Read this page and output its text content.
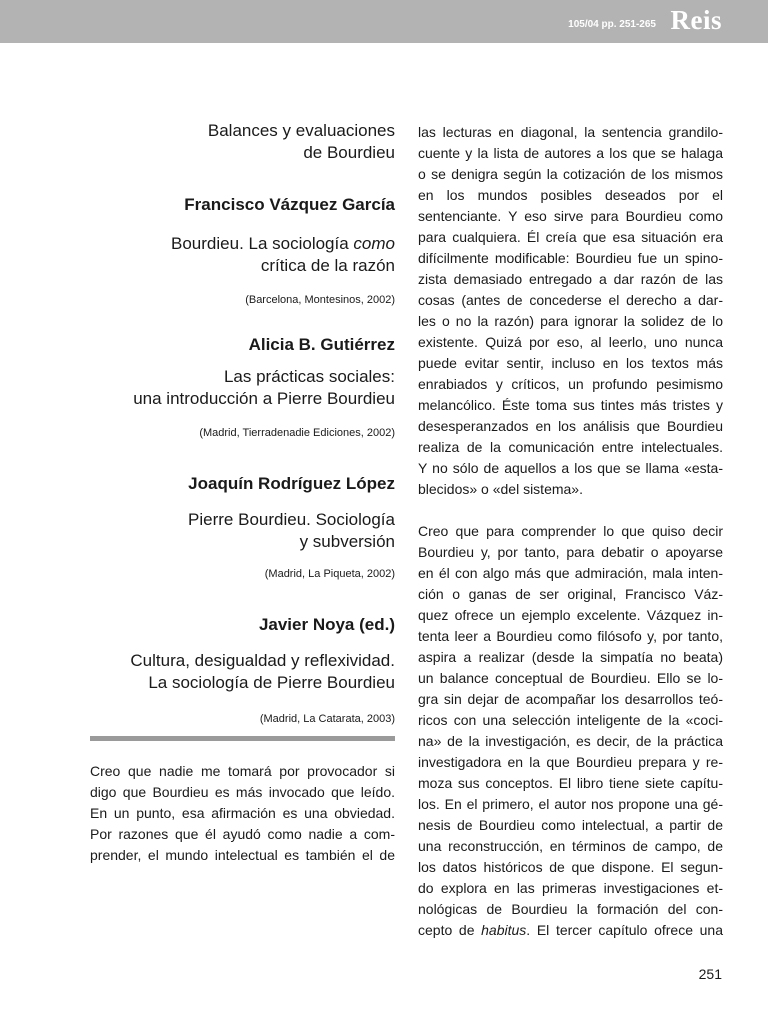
105/04 pp. 251-265 Reis

Balances y evaluaciones

de Bourdieu

Francisco Vázquez García

Bourdieu. La sociología como

crítica de la razón

(Barcelona, Montesinos, 2002)

Alicia B. Gutiérrez

Las prácticas sociales:

una introducción a Pierre Bourdieu

(Madrid, Tierradenadie Ediciones, 2002)

Joaquín Rodríguez López

Pierre Bourdieu. Sociología

y subversión

(Madrid, La Piqueta, 2002)

Javier Noya (ed.)

Cultura, desigualdad y reflexividad.

La sociología de Pierre Bourdieu

(Madrid, La Catarata, 2003)

Creo que nadie me tomará por provocador si
digo que Bourdieu es más invocado que leído.
En un punto, esa afirmación es una obviedad.
Por razones que él ayudó como nadie a com-
prender, el mundo intelectual es también el de
las lecturas en diagonal, la sentencia grandilo-
cuente y la lista de autores a los que se halaga
o se denigra según la cotización de los mismos
en los mundos posibles deseados por el
sentenciante. Y eso sirve para Bourdieu como
para cualquiera. Él creía que esa situación era
difícilmente modificable: Bourdieu fue un spino-
zista demasiado entregado a dar razón de las
cosas (antes de concederse el derecho a dar-
les o no la razón) para ignorar la solidez de lo
existente. Quizá por eso, al leerlo, uno nunca
puede evitar sentir, incluso en los textos más
enrabiados y críticos, un profundo pesimismo
melancólico. Éste toma sus tintes más tristes y
desesperanzados en los análisis que Bourdieu
realiza de la comunicación entre intelectuales.
Y no sólo de aquellos a los que se llama «esta-
blecidos» o «del sistema».
Creo que para comprender lo que quiso decir
Bourdieu y, por tanto, para debatir o apoyarse
en él con algo más que admiración, mala inten-
ción o ganas de ser original, Francisco Váz-
quez ofrece un ejemplo excelente. Vázquez in-
tenta leer a Bourdieu como filósofo y, por tanto,
aspira a realizar (desde la simpatía no beata)
un balance conceptual de Bourdieu. Ello se lo-
gra sin dejar de acompañar los desarrollos teó-
ricos con una selección inteligente de la «coci-
na» de la investigación, es decir, de la práctica
investigadora en la que Bourdieu prepara y re-
moza sus conceptos. El libro tiene siete capítu-
los. En el primero, el autor nos propone una gé-
nesis de Bourdieu como intelectual, a partir de
una reconstrucción, en términos de campo, de
los datos históricos de que dispone. El segun-
do explora en las primeras investigaciones et-
nológicas de Bourdieu la formación del con-
cepto de habitus. El tercer capítulo ofrece una
251
